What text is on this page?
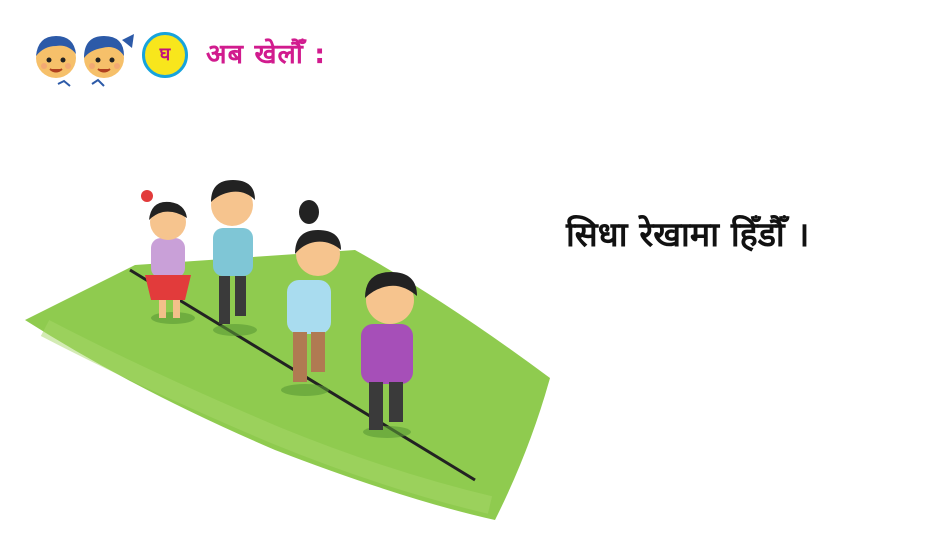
घ अब खेलौँ :
सिधा रेखामा हिँडौँ ।
